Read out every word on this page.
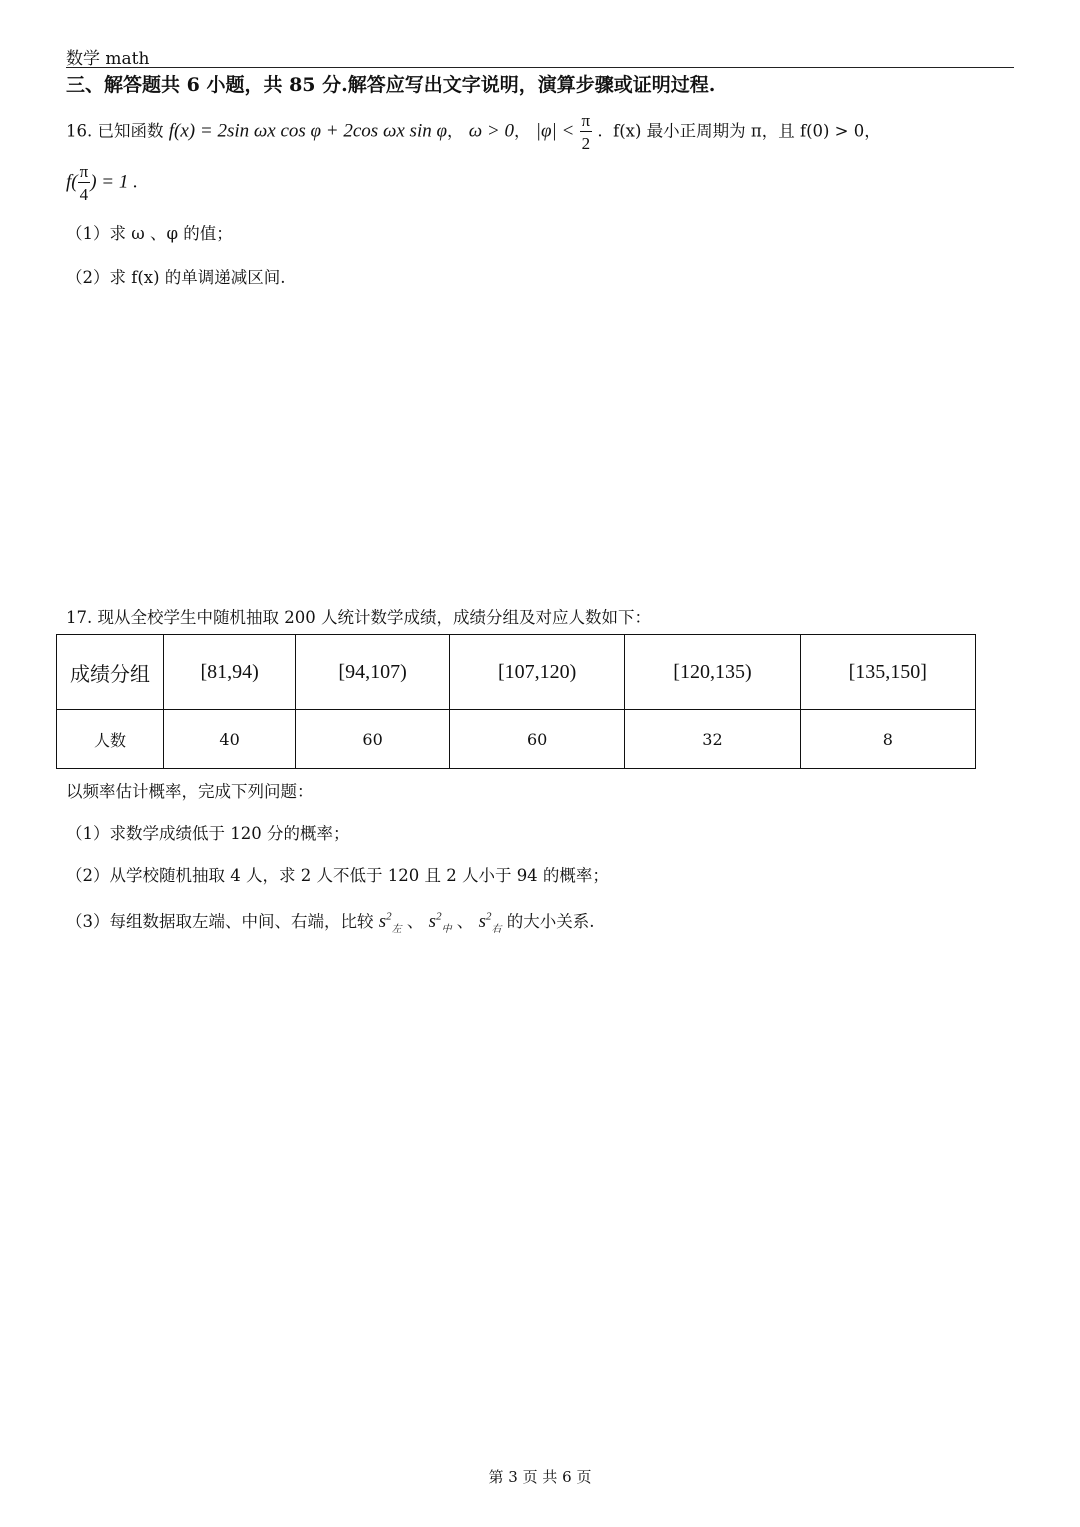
数学 math
三、解答题共 6 小题，共 85 分.解答应写出文字说明，演算步骤或证明过程.
16. 已知函数 f(x) = 2sin ωx cos φ + 2cos ωx sin φ， ω > 0， $|\varphi| < \frac{\pi}{2}$ .  f(x) 最小正周期为 π，且 f(0) > 0，
$f( \frac{\pi}{4}$ ) = 1 .
（1）求 ω 、φ 的值；
（2）求 f(x) 的单调递减区间.
17. 现从全校学生中随机抽取 200 人统计数学成绩，成绩分组及对应人数如下：
成绩分组	[81,94)	[94,107)	[107,120)	[120,135)	[135,150]
人数	40	60	60	32	8
以频率估计概率，完成下列问题：
（1）求数学成绩低于 120 分的概率；
（2）从学校随机抽取 4 人，求 2 人不低于 120 且 2 人小于 94 的概率；
（3）每组数据取左端、中间、右端，比较 $s^2_左$ 、 $s^2_中$ 、 $s^2_右$ 的大小关系.
第 3 页 共 6 页
